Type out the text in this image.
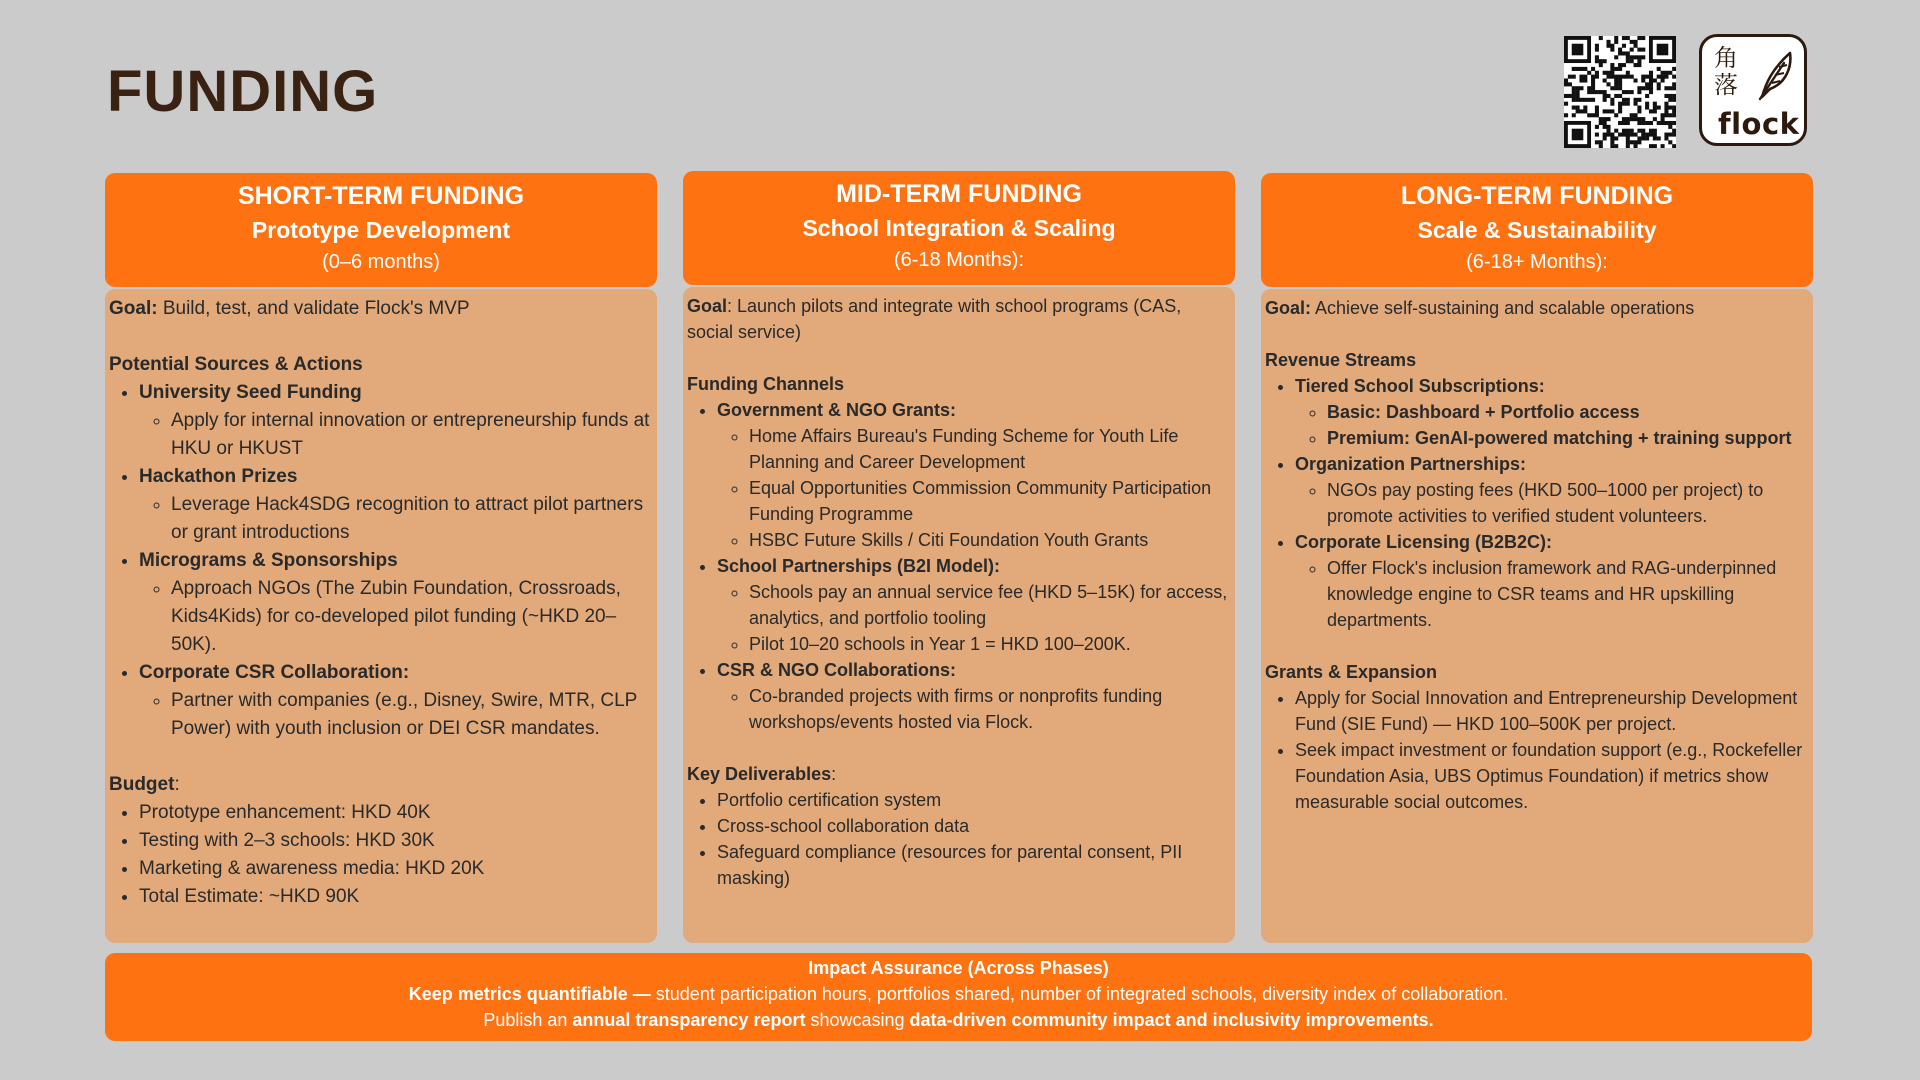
FUNDING
角
落
flock
SHORT-TERM FUNDING
Prototype Development
(0–6 months)

Goal: Build, test, and validate Flock's MVP

Potential Sources & Actions

• University Seed Funding
◦ Apply for internal innovation or entrepreneurship funds at HKU or HKUST
• Hackathon Prizes
◦ Leverage Hack4SDG recognition to attract pilot partners or grant introductions
• Micrograms & Sponsorships
◦ Approach NGOs (The Zubin Foundation, Crossroads, Kids4Kids) for co-developed pilot funding (~HKD 20–50K).
• Corporate CSR Collaboration:
◦ Partner with companies (e.g., Disney, Swire, MTR, CLP Power) with youth inclusion or DEI CSR mandates.

Budget:

• Prototype enhancement: HKD 40K
• Testing with 2–3 schools: HKD 30K
• Marketing & awareness media: HKD 20K
• Total Estimate: ~HKD 90K
MID-TERM FUNDING
School Integration & Scaling
(6-18 Months):

Goal: Launch pilots and integrate with school programs (CAS, social service)

Funding Channels

• Government & NGO Grants:
◦ Home Affairs Bureau's Funding Scheme for Youth Life Planning and Career Development
◦ Equal Opportunities Commission Community Participation Funding Programme
◦ HSBC Future Skills / Citi Foundation Youth Grants
• School Partnerships (B2I Model):
◦ Schools pay an annual service fee (HKD 5–15K) for access, analytics, and portfolio tooling
◦ Pilot 10–20 schools in Year 1 = HKD 100–200K.
• CSR & NGO Collaborations:
◦ Co-branded projects with firms or nonprofits funding workshops/events hosted via Flock.

Key Deliverables:

• Portfolio certification system
• Cross-school collaboration data
• Safeguard compliance (resources for parental consent, PII masking)
LONG-TERM FUNDING
Scale & Sustainability
(6-18+ Months):

Goal: Achieve self-sustaining and scalable operations

Revenue Streams

• Tiered School Subscriptions:
◦ Basic: Dashboard + Portfolio access
◦ Premium: GenAI-powered matching + training support
• Organization Partnerships:
◦ NGOs pay posting fees (HKD 500–1000 per project) to promote activities to verified student volunteers.
• Corporate Licensing (B2B2C):
◦ Offer Flock's inclusion framework and RAG-underpinned knowledge engine to CSR teams and HR upskilling departments.

Grants & Expansion

• Apply for Social Innovation and Entrepreneurship Development Fund (SIE Fund) — HKD 100–500K per project.
• Seek impact investment or foundation support (e.g., Rockefeller Foundation Asia, UBS Optimus Foundation) if metrics show measurable social outcomes.
Impact Assurance (Across Phases)
Keep metrics quantifiable — student participation hours, portfolios shared, number of integrated schools, diversity index of collaboration.
Publish an annual transparency report showcasing data-driven community impact and inclusivity improvements.
